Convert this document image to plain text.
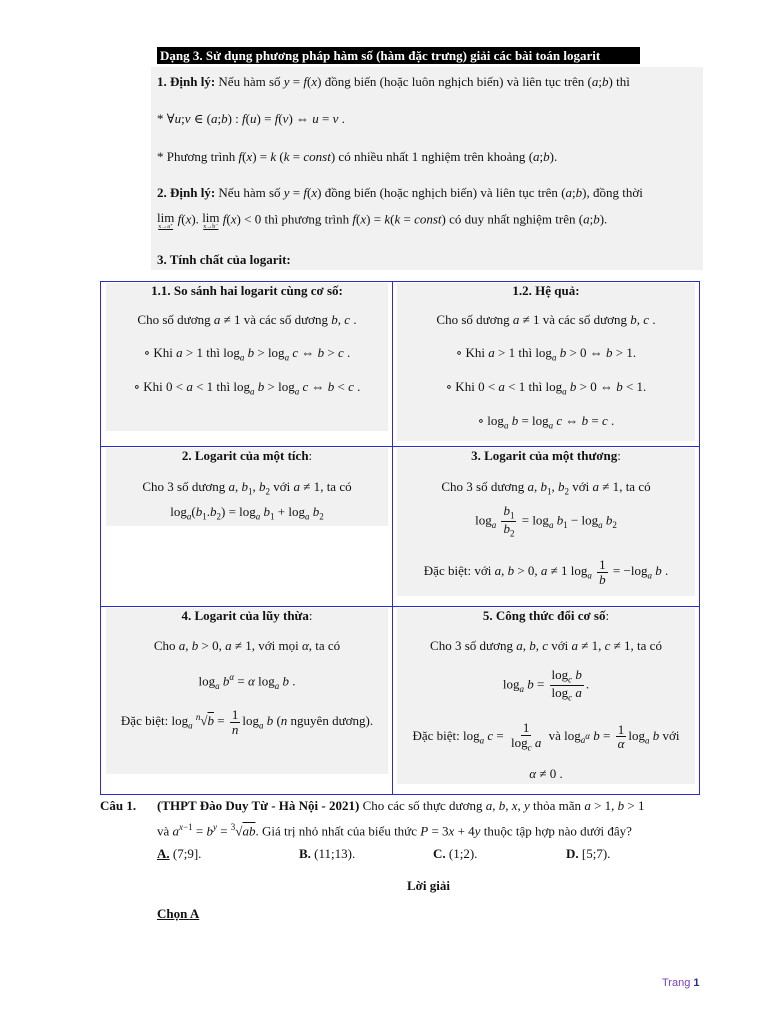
Dạng 3. Sử dụng phương pháp hàm số (hàm đặc trưng) giải các bài toán logarit
1. Định lý: Nếu hàm số y = f(x) đồng biến (hoặc luôn nghịch biến) và liên tục trên (a;b) thì
* ∀u;v ∈ (a;b) : f(u) = f(v) ⇔ u = v .
* Phương trình f(x) = k (k = const) có nhiều nhất 1 nghiệm trên khoảng (a;b).
2. Định lý: Nếu hàm số y = f(x) đồng biến (hoặc nghịch biến) và liên tục trên (a;b), đồng thời
lim
x→a⁺
f(x). lim
x→b⁻
f(x) < 0 thì phương trình f(x) = k(k = const) có duy nhất nghiệm trên (a;b).
3. Tính chất của logarit:
1.1. So sánh hai logarit cùng cơ số:
Cho số dương a ≠ 1 và các số dương b, c .
∘ Khi a > 1 thì $\log_a b > \log_a c$ ⇔ b > c .
∘ Khi 0 < a < 1 thì $\log_a b > \log_a c$ ⇔ b < c .
1.2. Hệ quả:
Cho số dương a ≠ 1 và các số dương b, c .
∘ Khi a > 1 thì $\log_a b > 0$ ⇔ b > 1.
∘ Khi 0 < a < 1 thì $\log_a b > 0$ ⇔ b < 1.
∘ $\log_a b = \log_a c$ ⇔ b = c .
2. Logarit của một tích:
Cho 3 số dương a, $b_1$, $b_2$ với a ≠ 1, ta có
$\log_a(b_1.b_2) = \log_a b_1 + \log_a b_2$
3. Logarit của một thương:
Cho 3 số dương a, $b_1$, $b_2$ với a ≠ 1, ta có
$\log_a \frac{b_1}{b_2} = \log_a b_1 - \log_a b_2$
Đặc biệt: với a, b > 0, a ≠ 1 $\log_a \frac{1}{b} = -\log_a$ b .
4. Logarit của lũy thừa:
Cho a, b > 0, a ≠ 1, với mọi α, ta có
$\log_a b^\alpha = \alpha$ $\log_a b$ .
Đặc biệt: $\log_a ^n√b = \frac{1}{n} \log_a b$ (n nguyên dương).
5. Công thức đổi cơ số:
Cho 3 số dương a, b, c với a ≠ 1, c ≠ 1, ta có
$\log_a b = \frac{\log_c b}{\log_c a}$ .
Đặc biệt: $\log_a c = \frac{1}{\log_c a}$ và $\log_{a^\alpha} b = \frac{1}{\alpha} \log_a b$ với
α ≠ 0 .
Câu 1. (THPT Đào Duy Từ - Hà Nội - 2021) Cho các số thực dương a, b, x, y thỏa mãn a > 1, b > 1
và $a^{x-1} = b^y = ^3√ab$. Giá trị nhỏ nhất của biểu thức P = 3x + 4y thuộc tập hợp nào dưới đây?
A. (7;9].	B. (11;13).	C. (1;2).	D. [5;7).
Lời giải
Chọn A
Trang 1
